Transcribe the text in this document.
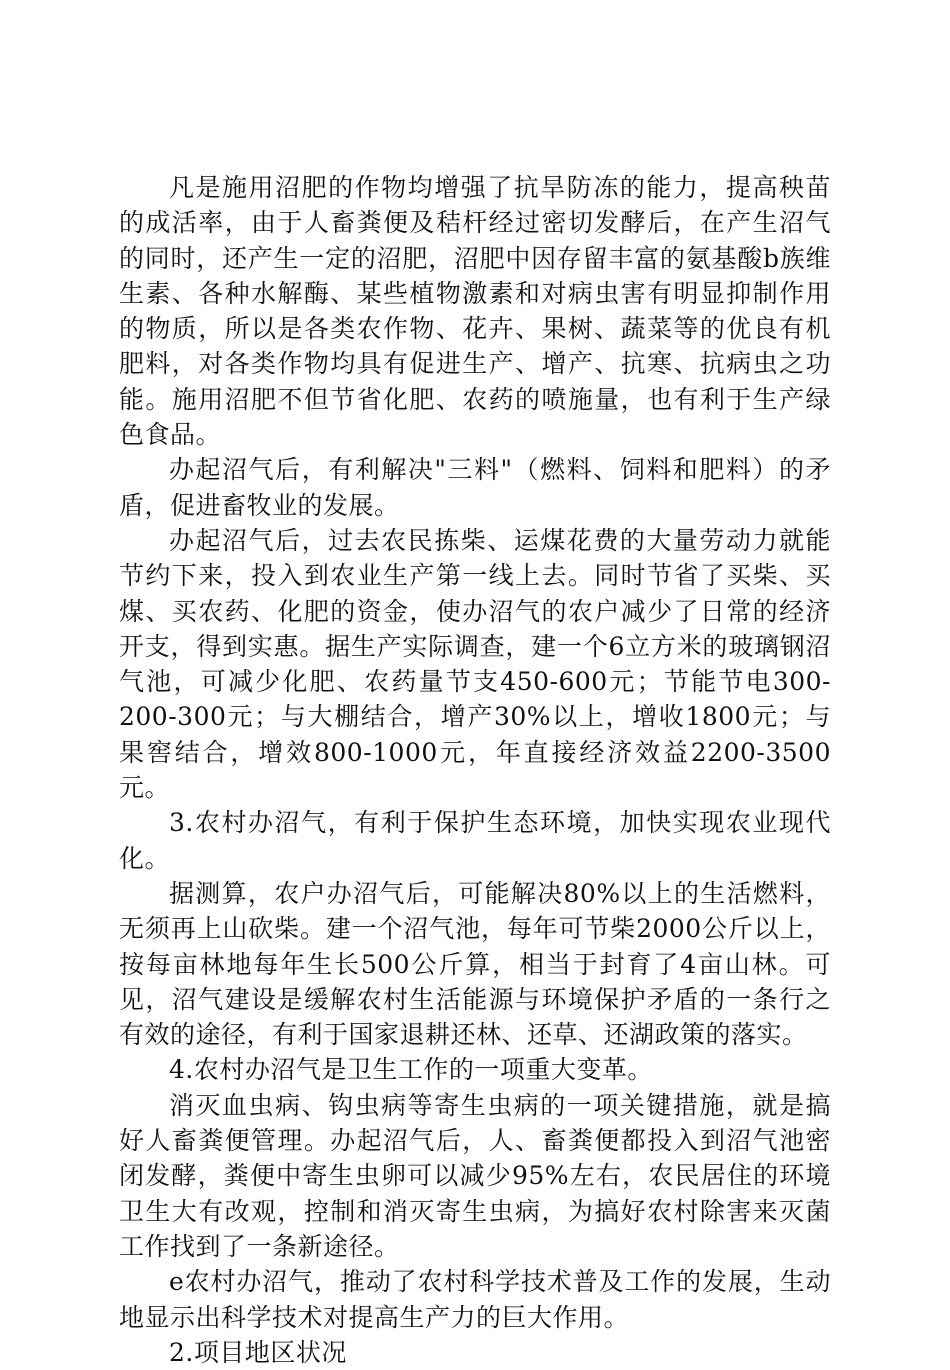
凡是施用沼肥的作物均增强了抗旱防冻的能力，提高秧苗的成活率，由于人畜粪便及秸杆经过密切发酵后，在产生沼气的同时，还产生一定的沼肥，沼肥中因存留丰富的氨基酸b族维生素、各种水解酶、某些植物激素和对病虫害有明显抑制作用的物质，所以是各类农作物、花卉、果树、蔬菜等的优良有机肥料，对各类作物均具有促进生产、增产、抗寒、抗病虫之功能。施用沼肥不但节省化肥、农药的喷施量，也有利于生产绿色食品。

办起沼气后，有利解决"三料"（燃料、饲料和肥料）的矛盾，促进畜牧业的发展。

办起沼气后，过去农民拣柴、运煤花费的大量劳动力就能节约下来，投入到农业生产第一线上去。同时节省了买柴、买煤、买农药、化肥的资金，使办沼气的农户减少了日常的经济开支，得到实惠。据生产实际调查，建一个6立方米的玻璃钢沼气池，可减少化肥、农药量节支450-600元；节能节电300-200-300元；与大棚结合，增产30%以上，增收1800元；与果窖结合，增效800-1000元，年直接经济效益2200-3500元。

3.农村办沼气，有利于保护生态环境，加快实现农业现代化。

据测算，农户办沼气后，可能解决80%以上的生活燃料，无须再上山砍柴。建一个沼气池，每年可节柴2000公斤以上，按每亩林地每年生长500公斤算，相当于封育了4亩山林。可见，沼气建设是缓解农村生活能源与环境保护矛盾的一条行之有效的途径，有利于国家退耕还林、还草、还湖政策的落实。

4.农村办沼气是卫生工作的一项重大变革。

消灭血虫病、钩虫病等寄生虫病的一项关键措施，就是搞好人畜粪便管理。办起沼气后，人、畜粪便都投入到沼气池密闭发酵，粪便中寄生虫卵可以减少95%左右，农民居住的环境卫生大有改观，控制和消灭寄生虫病，为搞好农村除害来灭菌工作找到了一条新途径。

e农村办沼气，推动了农村科学技术普及工作的发展，生动地显示出科学技术对提高生产力的巨大作用。

2.项目地区状况
